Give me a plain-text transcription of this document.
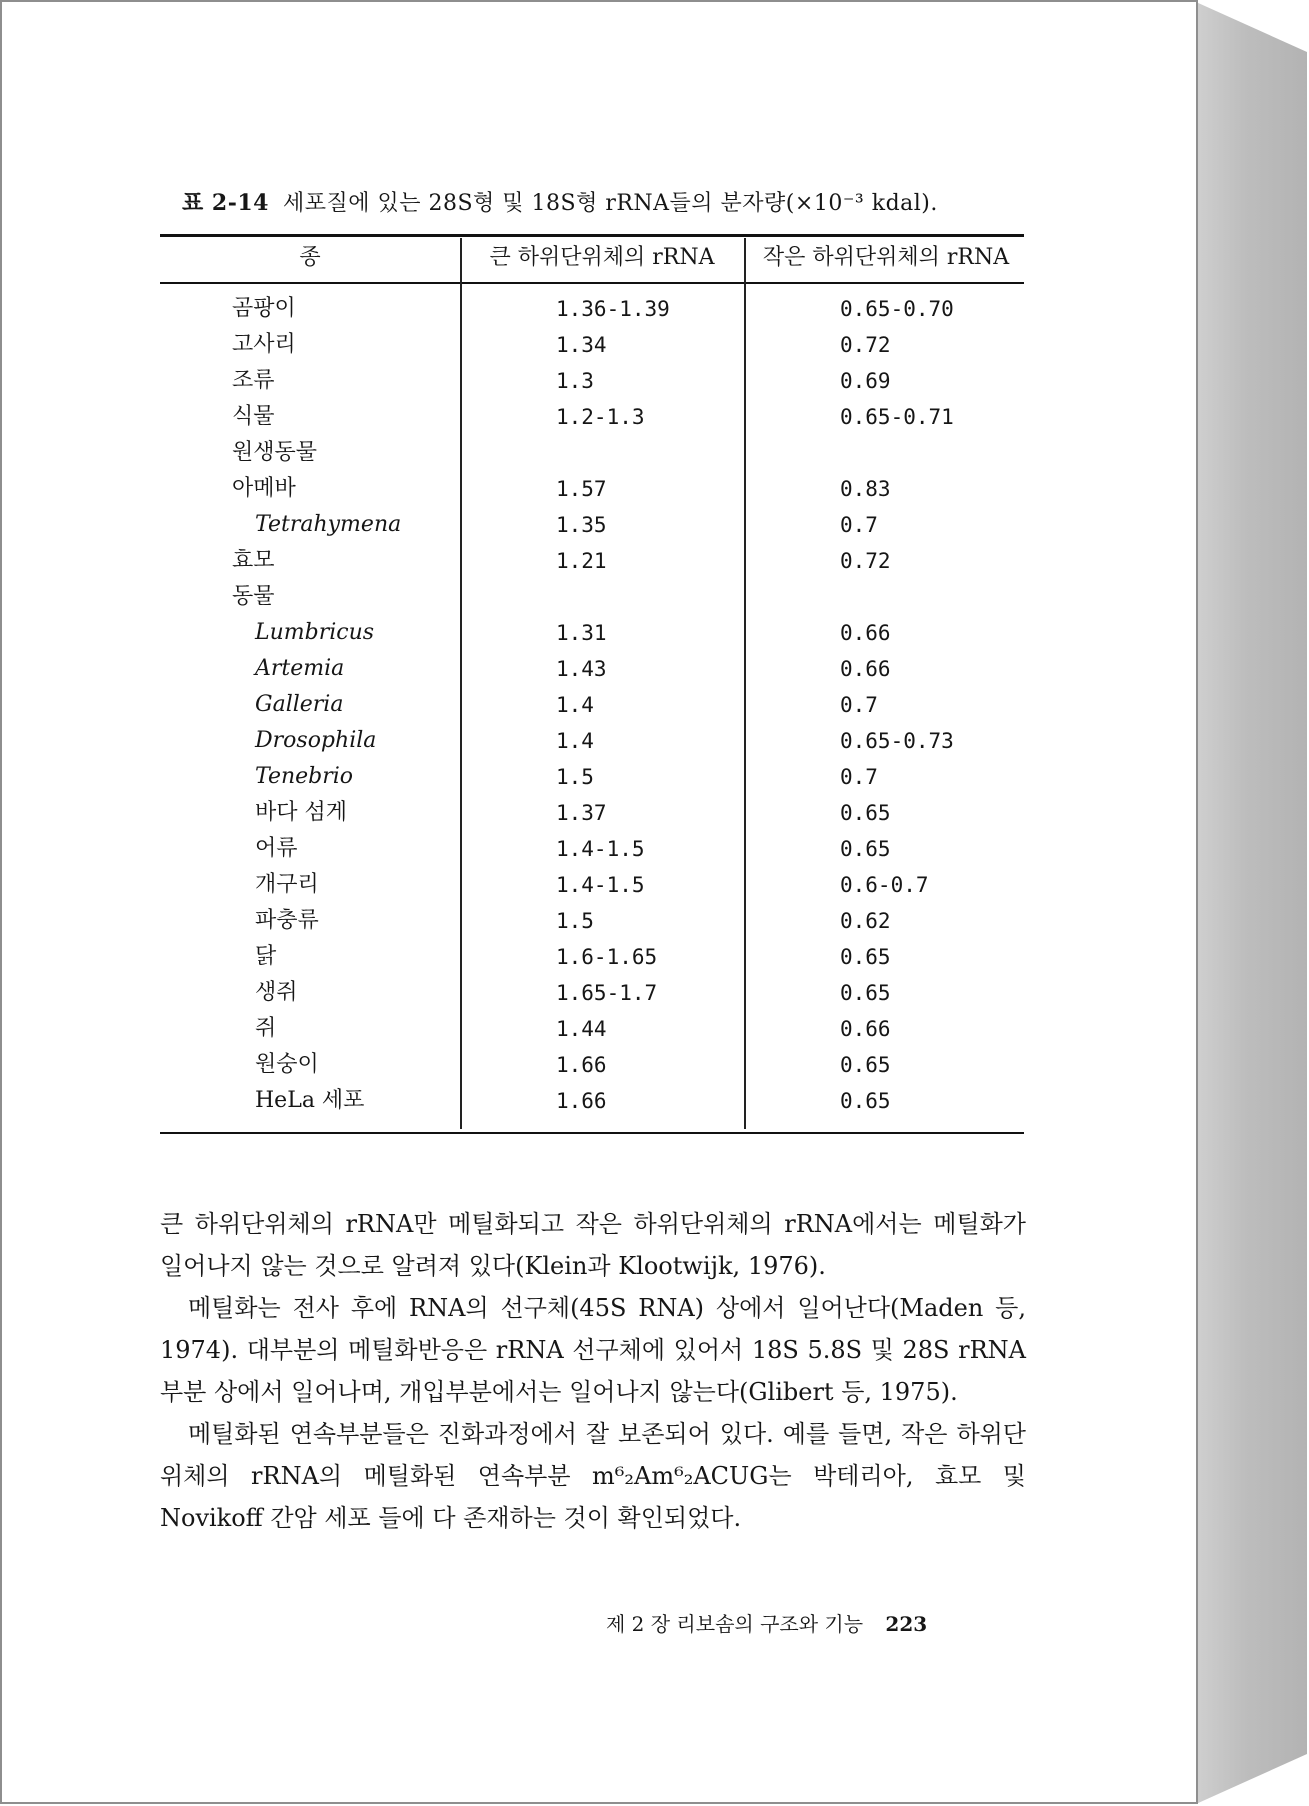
표 2-14 세포질에 있는 28S형 및 18S형 rRNA들의 분자량(×10⁻³ kdal).
종	큰 하위단위체의 rRNA	작은 하위단위체의 rRNA
곰팡이	1.36-1.39	0.65-0.70
고사리	1.34	0.72
조류	1.3	0.69
식물	1.2-1.3	0.65-0.71
원생동물
아메바	1.57	0.83
Tetrahymena	1.35	0.7
효모	1.21	0.72
동물
Lumbricus	1.31	0.66
Artemia	1.43	0.66
Galleria	1.4	0.7
Drosophila	1.4	0.65-0.73
Tenebrio	1.5	0.7
바다 섬게	1.37	0.65
어류	1.4-1.5	0.65
개구리	1.4-1.5	0.6-0.7
파충류	1.5	0.62
닭	1.6-1.65	0.65
생쥐	1.65-1.7	0.65
쥐	1.44	0.66
원숭이	1.66	0.65
HeLa 세포	1.66	0.65

큰 하위단위체의 rRNA만 메틸화되고 작은 하위단위체의 rRNA에서는 메틸화가 일어나지 않는 것으로 알려져 있다(Klein과 Klootwijk, 1976).

메틸화는 전사 후에 RNA의 선구체(45S RNA) 상에서 일어난다(Maden 등, 1974). 대부분의 메틸화반응은 rRNA 선구체에 있어서 18S 5.8S 및 28S rRNA 부분 상에서 일어나며, 개입부분에서는 일어나지 않는다(Glibert 등, 1975).

메틸화된 연속부분들은 진화과정에서 잘 보존되어 있다. 예를 들면, 작은 하위단위체의 rRNA의 메틸화된 연속부분 m⁶₂Am⁶₂ACUG는 박테리아, 효모 및 Novikoff 간암 세포 들에 다 존재하는 것이 확인되었다.

제 2 장 리보솜의 구조와 기능 223
